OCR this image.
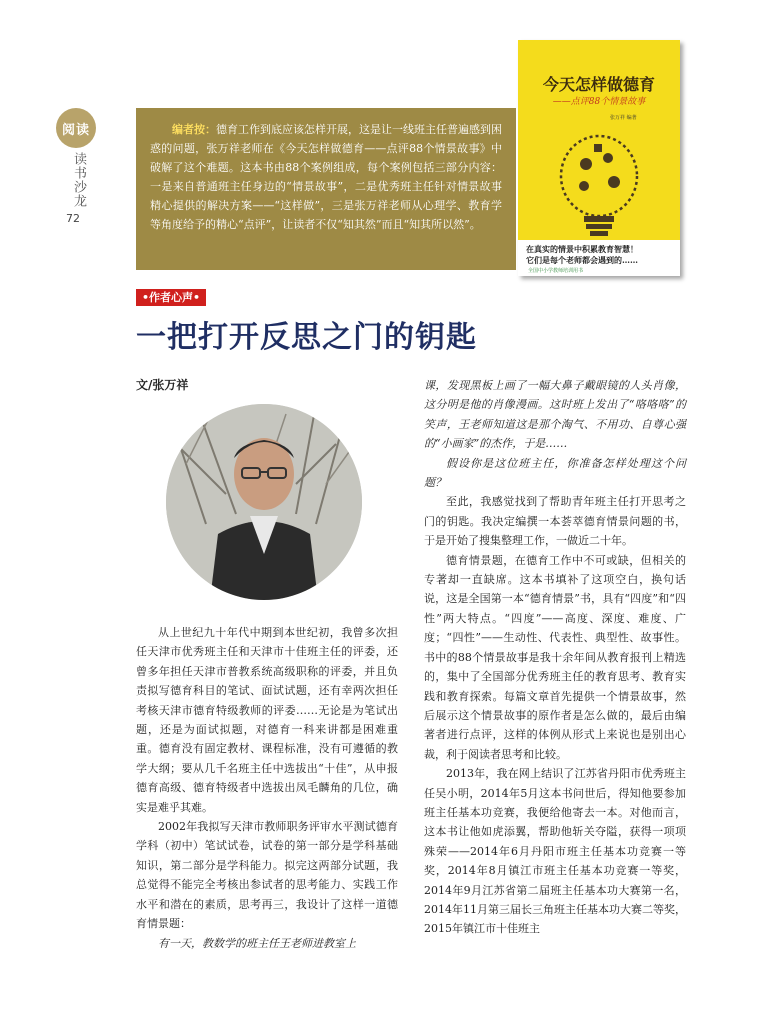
阅读
读书沙龙
72

编者按：德育工作到底应该怎样开展，这是让一线班主任普遍感到困惑的问题，张万祥老师在《今天怎样做德育——点评88个情景故事》中破解了这个难题。这本书由88个案例组成，每个案例包括三部分内容：一是来自普通班主任身边的“情景故事”，二是优秀班主任针对情景故事精心提供的解决方案——“这样做”，三是张万祥老师从心理学、教育学等角度给予的精心“点评”，让读者不仅“知其然”而且“知其所以然”。

今天怎样做德育
——点评88个情景故事
张万祥 编著
在真实的情景中积累教育智慧！
它们是每个老师都会遇到的……
全国中小学教师培训用书
•作者心声•
一把打开反思之门的钥匙
文/张万祥

从上世纪九十年代中期到本世纪初，我曾多次担任天津市优秀班主任和天津市十佳班主任的评委，还曾多年担任天津市普教系统高级职称的评委，并且负责拟写德育科目的笔试、面试试题，还有幸两次担任考核天津市德育特级教师的评委……无论是为笔试出题，还是为面试拟题，对德育一科来讲都是困难重重。德育没有固定教材、课程标准，没有可遵循的教学大纲；要从几千名班主任中选拔出“十佳”，从申报德育高级、德育特级者中选拔出凤毛麟角的几位，确实是难乎其难。

2002年我拟写天津市教师职务评审水平测试德育学科（初中）笔试试卷，试卷的第一部分是学科基础知识，第二部分是学科能力。拟完这两部分试题，我总觉得不能完全考核出参试者的思考能力、实践工作水平和潜在的素质，思考再三，我设计了这样一道德育情景题：

有一天，教数学的班主任王老师进教室上

课，发现黑板上画了一幅大鼻子戴眼镜的人头肖像，这分明是他的肖像漫画。这时班上发出了“咯咯咯”的笑声，王老师知道这是那个淘气、不用功、自尊心强的“小画家”的杰作，于是……

假设你是这位班主任，你准备怎样处理这个问题？

至此，我感觉找到了帮助青年班主任打开思考之门的钥匙。我决定编撰一本荟萃德育情景问题的书，于是开始了搜集整理工作，一做近二十年。

德育情景题，在德育工作中不可或缺，但相关的专著却一直缺席。这本书填补了这项空白，换句话说，这是全国第一本“德育情景”书，具有“四度”和“四性”两大特点。“四度”——高度、深度、难度、广度；“四性”——生动性、代表性、典型性、故事性。书中的88个情景故事是我十余年间从教育报刊上精选的，集中了全国部分优秀班主任的教育思考、教育实践和教育探索。每篇文章首先提供一个情景故事，然后展示这个情景故事的原作者是怎么做的，最后由编著者进行点评，这样的体例从形式上来说也是别出心裁，利于阅读者思考和比较。

2013年，我在网上结识了江苏省丹阳市优秀班主任吴小明，2014年5月这本书问世后，得知他要参加班主任基本功竞赛，我便给他寄去一本。对他而言，这本书让他如虎添翼，帮助他斩关夺隘，获得一项项殊荣——2014年6月丹阳市班主任基本功竞赛一等奖，2014年8月镇江市班主任基本功竞赛一等奖，2014年9月江苏省第二届班主任基本功大赛第一名，2014年11月第三届长三角班主任基本功大赛二等奖，2015年镇江市十佳班主
